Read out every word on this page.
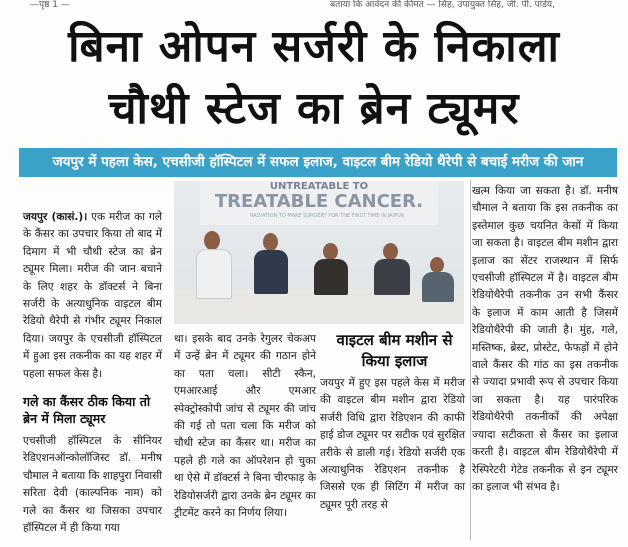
—पृष्ठ 1 —	बताया कि आवेदन की कीमत — सिंह, उपायुक्त सिंह, जी. पी. पांडेय,
बिना ओपन सर्जरी के निकाला
चौथी स्टेज का ब्रेन ट्यूमर
जयपुर में पहला केस, एचसीजी हॉस्पिटल में सफल इलाज, वाइटल बीम रेडियो थैरेपी से बचाई मरीज की जान
जयपुर (कासं.)। एक मरीज का गले के कैंसर का उपचार किया तो बाद में दिमाग में भी चौथी स्टेज का ब्रेन ट्यूमर मिला। मरीज की जान बचाने के लिए शहर के डॉक्टर्स ने बिना सर्जरी के अत्याधुनिक वाइटल बीम रेडियो थैरेपी से गंभीर ट्यूमर निकाल दिया। जयपुर के एचसीजी हॉस्पिटल में हुआ इस तकनीक का यह शहर में पहला सफल केस है।
गले का कैंसर ठीक किया तो ब्रेन में मिला ट्यूमर
एचसीजी हॉस्पिटल के सीनियर रेडिएशनऑन्कोलॉजिस्ट डॉ. मनीष चौमाल ने बताया कि शाहपुरा निवासी सरिता देवी (काल्पनिक नाम) को गले का कैंसर था जिसका उपचार हॉस्पिटल में ही किया गया
UNTREATABLE TO
TREATABLE CANCER.
RADIATION TO MAKE SURGERY FOR THE FIRST TIME IN JAIPUR
था। इसके बाद उनके रेगुलर चेकअप में उन्हें ब्रेन में ट्यूमर की गठान होने का पता चला। सीटी स्कैन, एमआरआई और एमआर स्पेक्ट्रोस्कोपी जांच से ट्यूमर की जांच की गई तो पता चला कि मरीज को चौथी स्टेज का कैंसर था। मरीज का पहले ही गले का ऑपरेशन हो चुका था ऐसे में डॉक्टर्स ने बिना चीरफाड़ के रेडियोसर्जरी द्वारा उनके ब्रेन ट्यूमर का ट्रीटमेंट करने का निर्णय लिया।
वाइटल बीम मशीन से किया इलाज
जयपुर में हुए इस पहले केस में मरीज की वाइटल बीम मशीन द्वारा रेडियो सर्जरी विधि द्वारा रेडिएशन की काफी हाई डोज ट्यूमर पर सटीक एवं सुरक्षित तरीके से डाली गई। रेडियो सर्जरी एक अत्याधुनिक रेडिएशन तकनीक है जिससे एक ही सिटिंग में मरीज का ट्यूमर पूरी तरह से
खत्म किया जा सकता है। डॉ. मनीष चौमाल ने बताया कि इस तकनीक का इस्तेमाल कुछ चयनित केसों में किया जा सकता है। वाइटल बीम मशीन द्वारा इलाज का सेंटर राजस्थान में सिर्फ एचसीजी हॉस्पिटल में है। वाइटल बीम रेडियोथैरेपी तकनीक उन सभी कैंसर के इलाज में काम आती है जिसमें रेडियोथैरेपी की जाती है। मुंह, गले, मस्तिष्क, ब्रेस्ट, प्रोस्टेट, फेफड़ों में होने वाले कैंसर की गांठ का इस तकनीक से ज्यादा प्रभावी रूप से उपचार किया जा सकता है। यह पारंपरिक रेडियोथैरेपी तकनीकों की अपेक्षा ज्यादा सटीकता से कैंसर का इलाज करती है। वाइटल बीम रेडियोथैरेपी में रेस्पिरेटरी गेटेड तकनीक से इन ट्यूमर का इलाज भी संभव है।
